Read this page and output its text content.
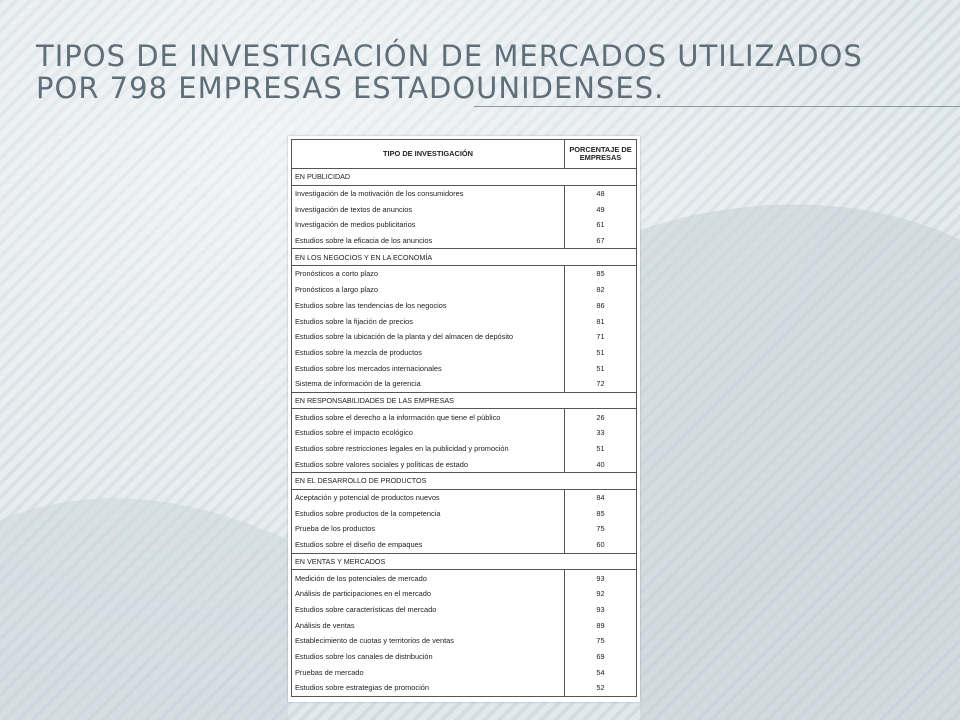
TIPOS DE INVESTIGACIÓN DE MERCADOS UTILIZADOS POR 798 EMPRESAS ESTADOUNIDENSES.
TIPO DE INVESTIGACIÓN	PORCENTAJE DE EMPRESAS
EN PUBLICIDAD	
Investigación de la motivación de los consumidores	48
Investigación de textos de anuncios	49
Investigación de medios publicitarios	61
Estudios sobre la eficacia de los anuncios	67
EN LOS NEGOCIOS Y EN LA ECONOMÍA	
Pronósticos a corto plazo	85
Pronósticos a largo plazo	82
Estudios sobre las tendencias de los negocios	86
Estudios sobre la fijación de precios	81
Estudios sobre la ubicación de la planta y del almacen de depósito	71
Estudios sobre la mezcla de productos	51
Estudios sobre los mercados internacionales	51
Sistema de información de la gerencia	72
EN RESPONSABILIDADES DE LAS EMPRESAS	
Estudios sobre el derecho a la información que tiene el público	26
Estudios sobre el impacto ecológico	33
Estudios sobre restricciones legales en la publicidad y promoción	51
Estudios sobre valores sociales y políticas de estado	40
EN EL DESARROLLO DE PRODUCTOS	
Aceptación y potencial de productos nuevos	84
Estudios sobre productos de la competencia	85
Prueba de los productos	75
Estudios sobre el diseño de empaques	60
EN VENTAS Y MERCADOS	
Medición de los potenciales de mercado	93
Análisis de participaciones en el mercado	92
Estudios sobre características del mercado	93
Análisis de ventas	89
Establecimiento de cuotas y territorios de ventas	75
Estudios sobre los canales de distribución	69
Pruebas de mercado	54
Estudios sobre estrategias de promoción	52
